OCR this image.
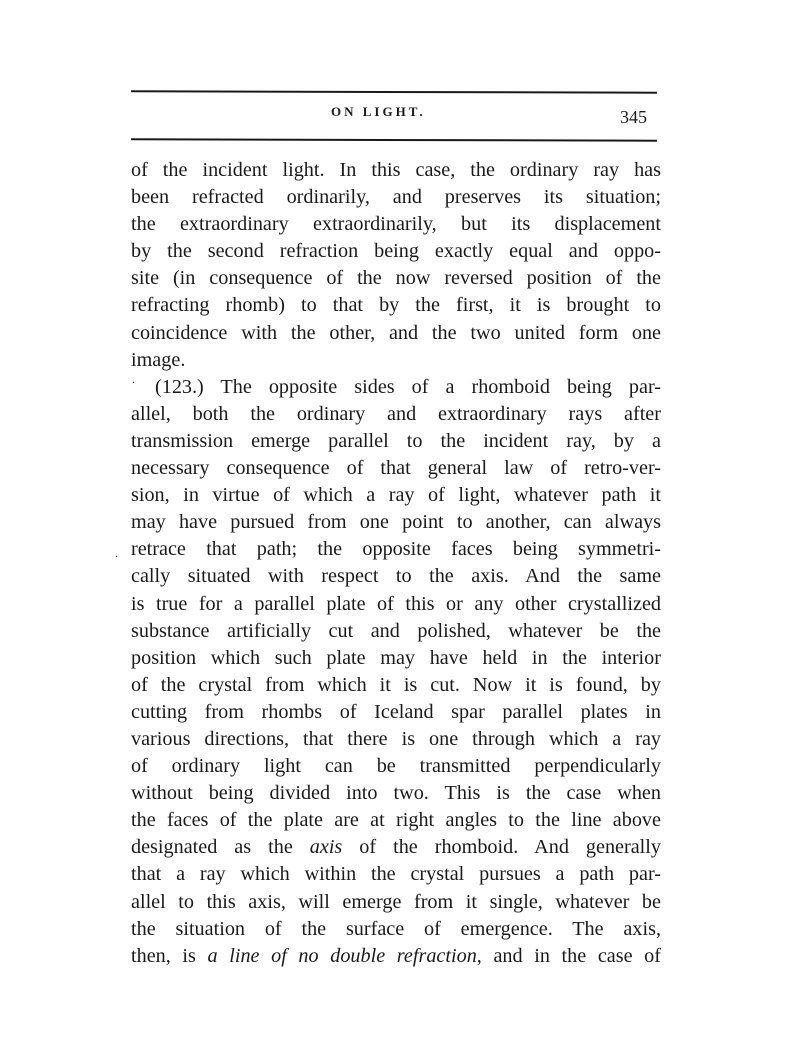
ON LIGHT.	345
.
.
of the incident light. In this case, the ordinary ray has
been refracted ordinarily, and preserves its situation;
the extraordinary extraordinarily, but its displacement
by the second refraction being exactly equal and oppo-
site (in consequence of the now reversed position of the
refracting rhomb) to that by the first, it is brought to
coincidence with the other, and the two united form one
image.
(123.) The opposite sides of a rhomboid being par-
allel, both the ordinary and extraordinary rays after
transmission emerge parallel to the incident ray, by a
necessary consequence of that general law of retro-ver-
sion, in virtue of which a ray of light, whatever path it
may have pursued from one point to another, can always
retrace that path; the opposite faces being symmetri-
cally situated with respect to the axis. And the same
is true for a parallel plate of this or any other crystallized
substance artificially cut and polished, whatever be the
position which such plate may have held in the interior
of the crystal from which it is cut. Now it is found, by
cutting from rhombs of Iceland spar parallel plates in
various directions, that there is one through which a ray
of ordinary light can be transmitted perpendicularly
without being divided into two. This is the case when
the faces of the plate are at right angles to the line above
designated as the axis of the rhomboid. And generally
that a ray which within the crystal pursues a path par-
allel to this axis, will emerge from it single, whatever be
the situation of the surface of emergence. The axis,
then, is a line of no double refraction, and in the case of
